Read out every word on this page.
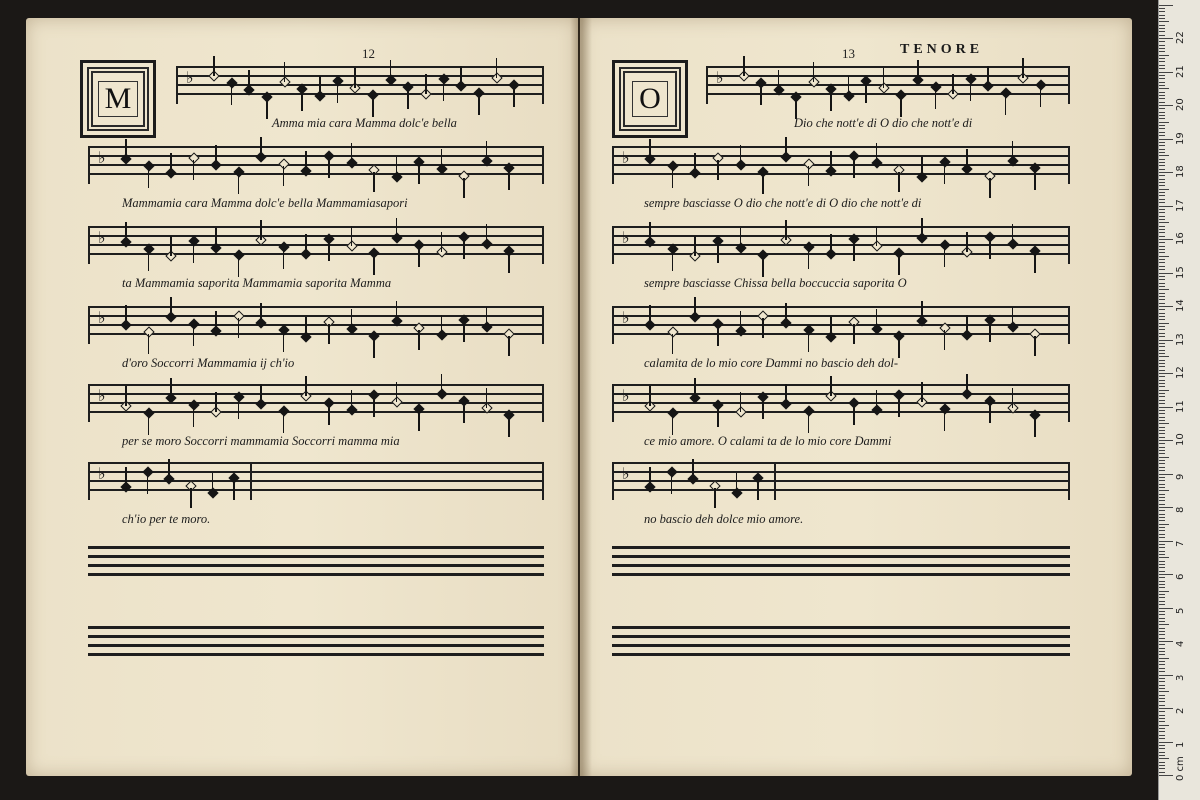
12
M
♭
Amma mia cara Mamma dolc'e bella
♭
Mammamia cara Mamma dolc'e bella Mammamiasapori
♭
ta Mammamia saporita Mammamia saporita Mamma
♭
d'oro Soccorri Mammamia ij ch'io
♭
per se moro Soccorri mammamia Soccorri mamma mia
♭
ch'io per te moro.
13	TENORE
O
♭
Dio che nott'e di O dio che nott'e di
♭
sempre basciasse O dio che nott'e di O dio che nott'e di
♭
sempre basciasse Chissa bella boccuccia saporita O
♭
calamita de lo mio core Dammi no bascio deh dol-
♭
ce mio amore. O calami ta de lo mio core Dammi
♭
no bascio deh dolce mio amore.
0 cm
1
2
3
4
5
6
7
8
9
10
11
12
13
14
15
16
17
18
19
20
21
22
